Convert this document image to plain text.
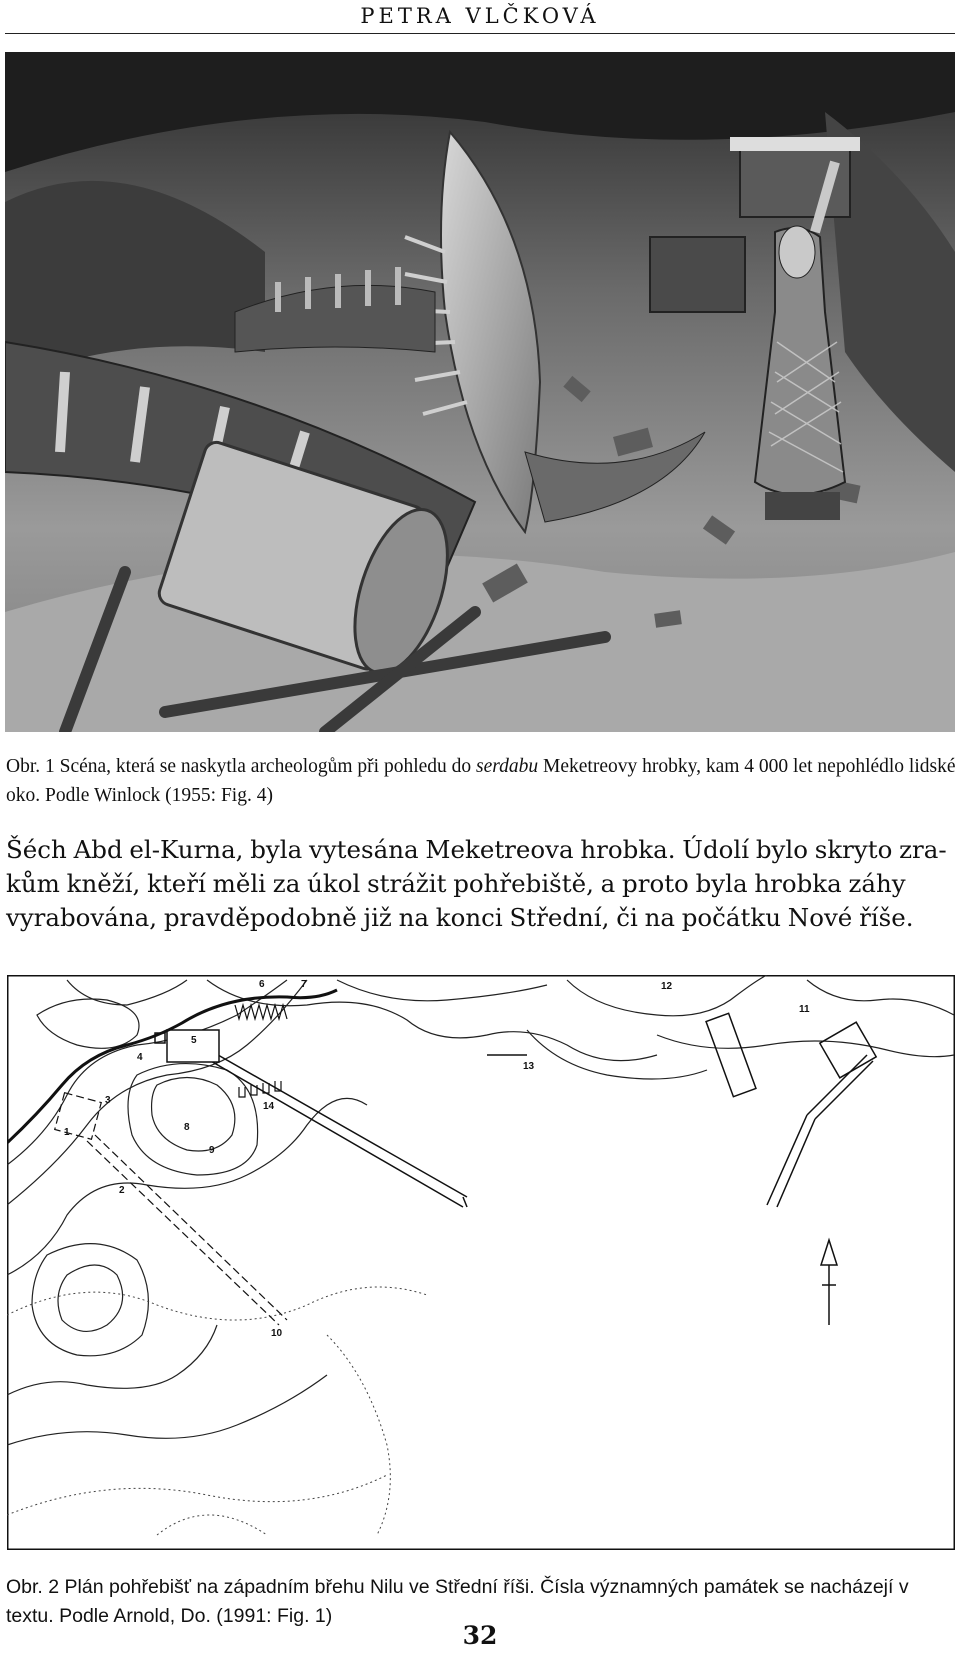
PETRA VLČKOVÁ
Obr. 1 Scéna, která se naskytla archeologům při pohledu do serdabu Meketreovy hrobky, kam 4 000 let nepohlédlo lidské oko. Podle Winlock (1955: Fig. 4)
Šéch Abd el-Kurna, byla vytesána Meketreova hrobka. Údolí bylo skryto zra-
kům kněží, kteří měli za úkol strážit pohřebiště, a proto byla hrobka záhy
vyrabována, pravděpodobně již na konci Střední, či na počátku Nové říše.
1
2
3
4
5
6	7
8
9
10
11
12
13
14
Obr. 2 Plán pohřebišť na západním břehu Nilu ve Střední říši. Čísla významných památek se nacházejí v textu. Podle Arnold, Do. (1991: Fig. 1)
32
